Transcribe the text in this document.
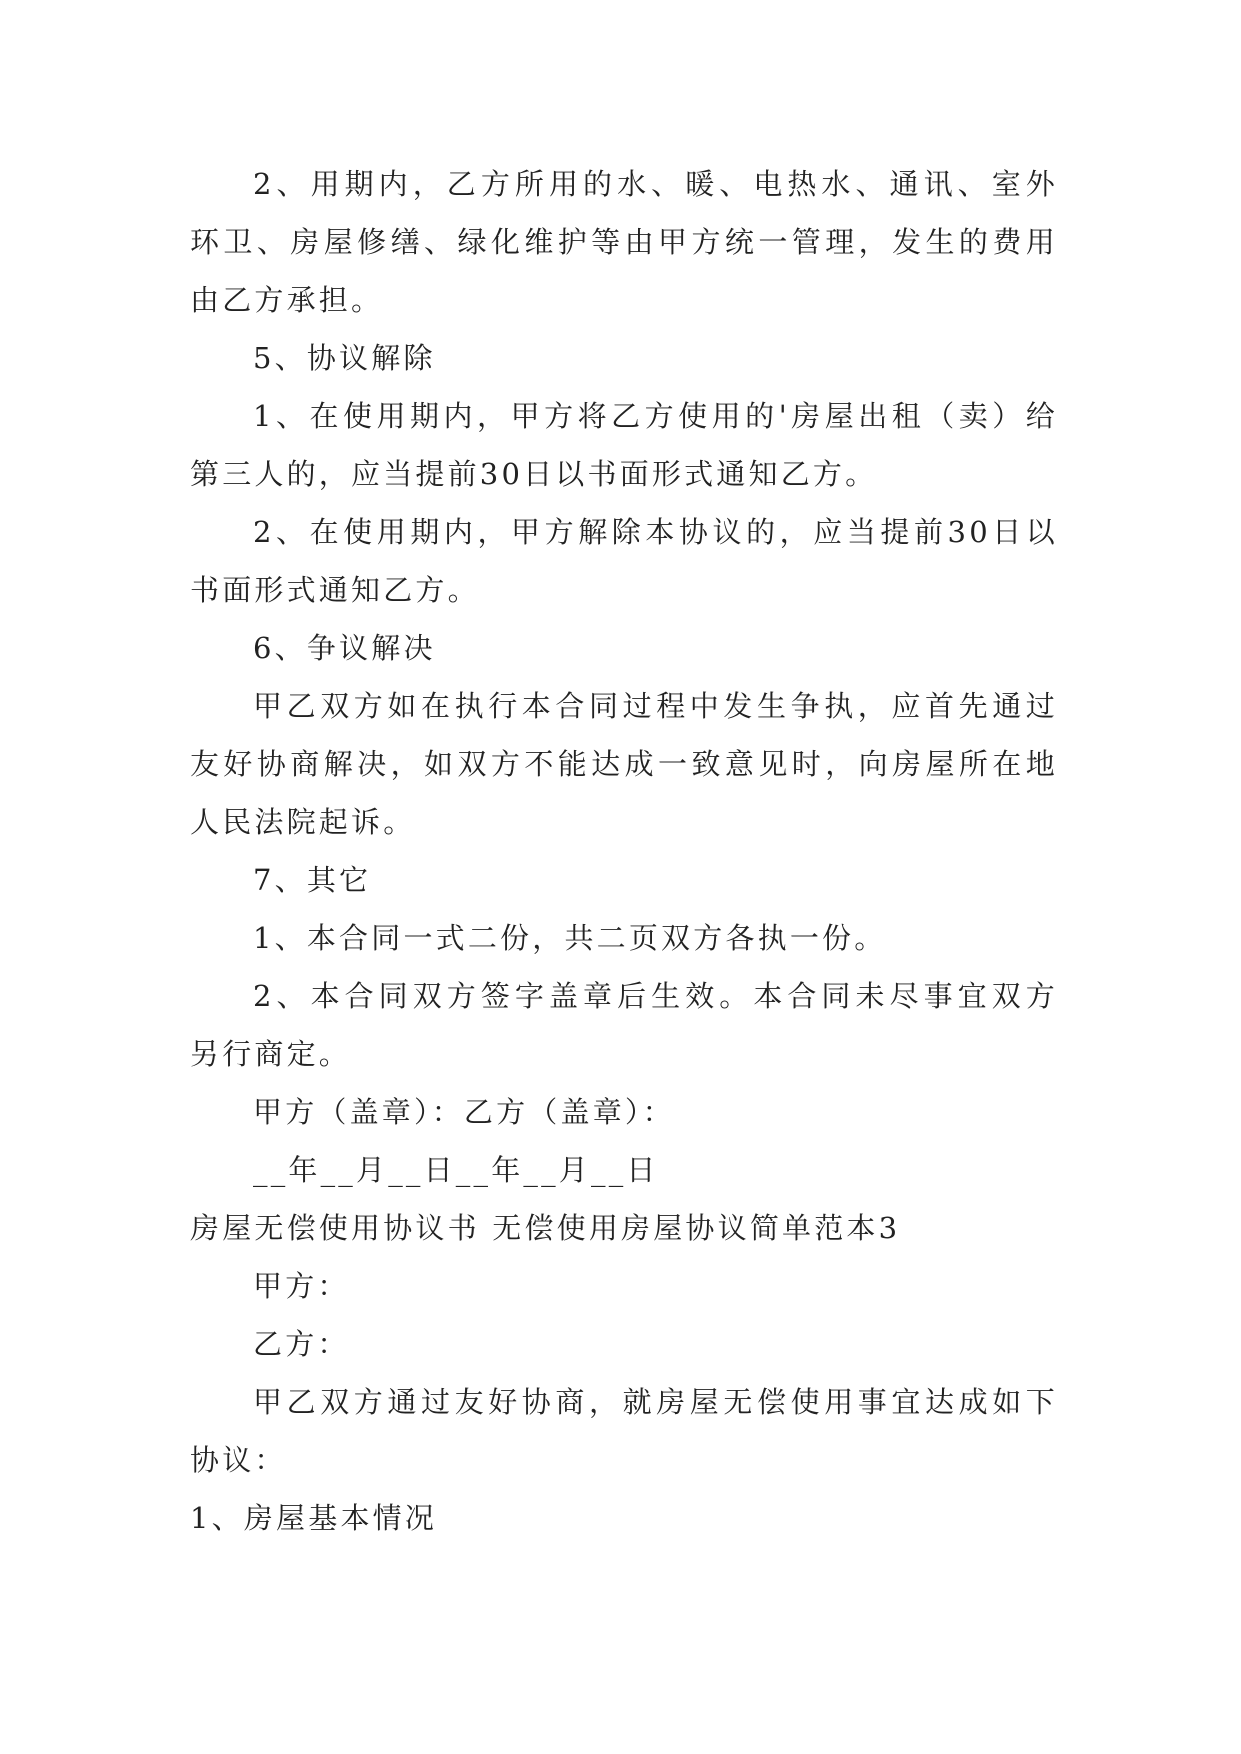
2、用期内，乙方所用的水、暖、电热水、通讯、室外

环卫、房屋修缮、绿化维护等由甲方统一管理，发生的费用

由乙方承担。

5、协议解除

1、在使用期内，甲方将乙方使用的'房屋出租（卖）给

第三人的，应当提前30日以书面形式通知乙方。

2、在使用期内，甲方解除本协议的，应当提前30日以

书面形式通知乙方。

6、争议解决

甲乙双方如在执行本合同过程中发生争执，应首先通过

友好协商解决，如双方不能达成一致意见时，向房屋所在地

人民法院起诉。

7、其它

1、本合同一式二份，共二页双方各执一份。

2、本合同双方签字盖章后生效。本合同未尽事宜双方

另行商定。

甲方（盖章）：乙方（盖章）：

__年__月__日__年__月__日

房屋无偿使用协议书 无偿使用房屋协议简单范本3

甲方：

乙方：

甲乙双方通过友好协商，就房屋无偿使用事宜达成如下

协议：

1、房屋基本情况
